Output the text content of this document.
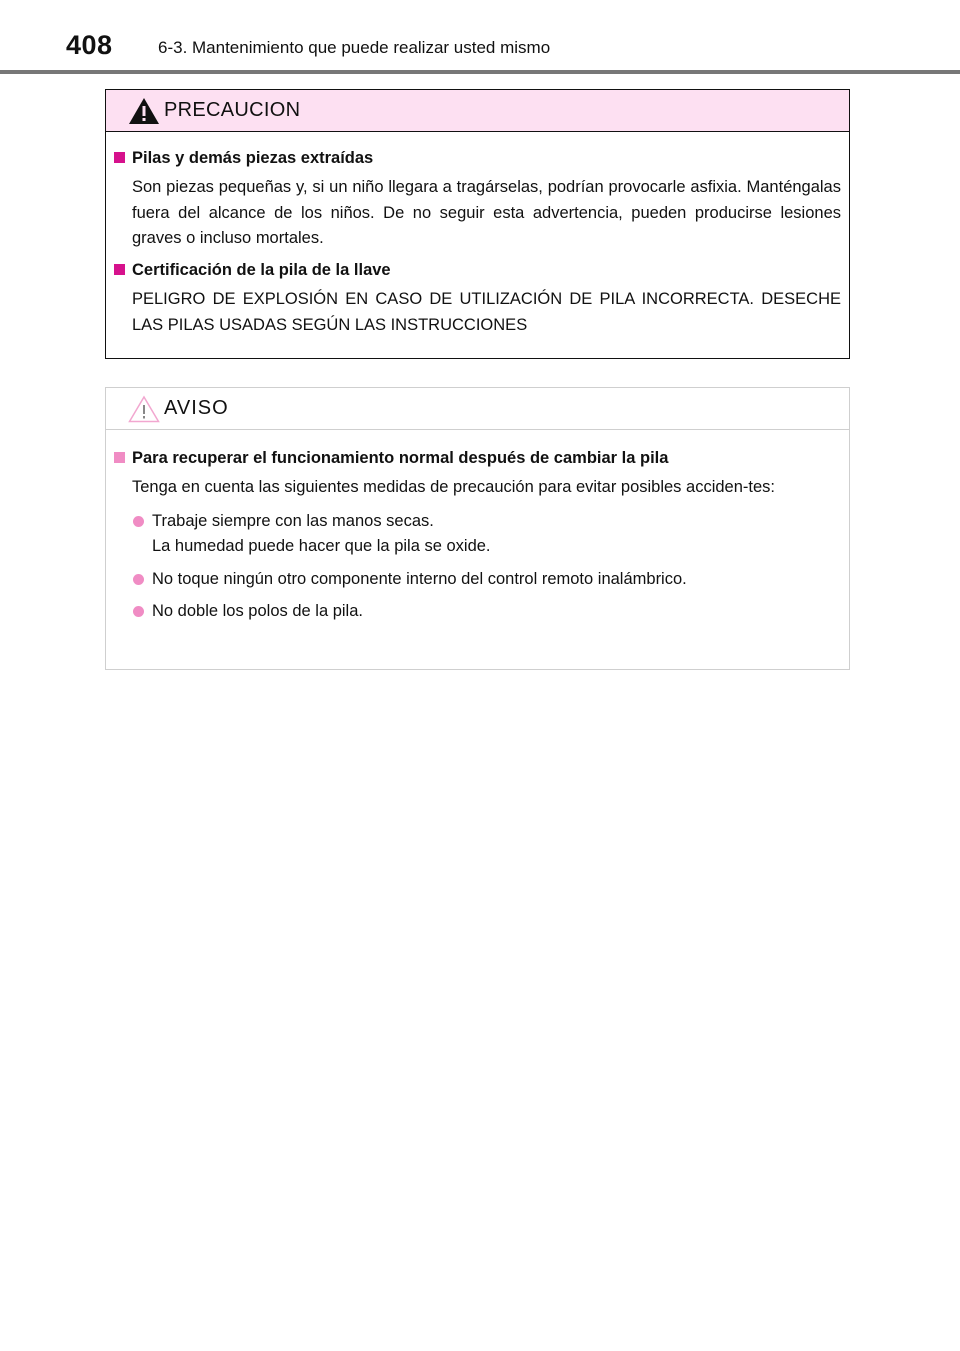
408	6-3. Mantenimiento que puede realizar usted mismo
PRECAUCION
Pilas y demás piezas extraídas
Son piezas pequeñas y, si un niño llegara a tragárselas, podrían provocarle asfixia. Manténgalas fuera del alcance de los niños. De no seguir esta advertencia, pueden producirse lesiones graves o incluso mortales.
Certificación de la pila de la llave
PELIGRO DE EXPLOSIÓN EN CASO DE UTILIZACIÓN DE PILA INCORRECTA. DESECHE LAS PILAS USADAS SEGÚN LAS INSTRUCCIONES
AVISO
Para recuperar el funcionamiento normal después de cambiar la pila
Tenga en cuenta las siguientes medidas de precaución para evitar posibles acciden-tes:
Trabaje siempre con las manos secas.
La humedad puede hacer que la pila se oxide.
No toque ningún otro componente interno del control remoto inalámbrico.
No doble los polos de la pila.
